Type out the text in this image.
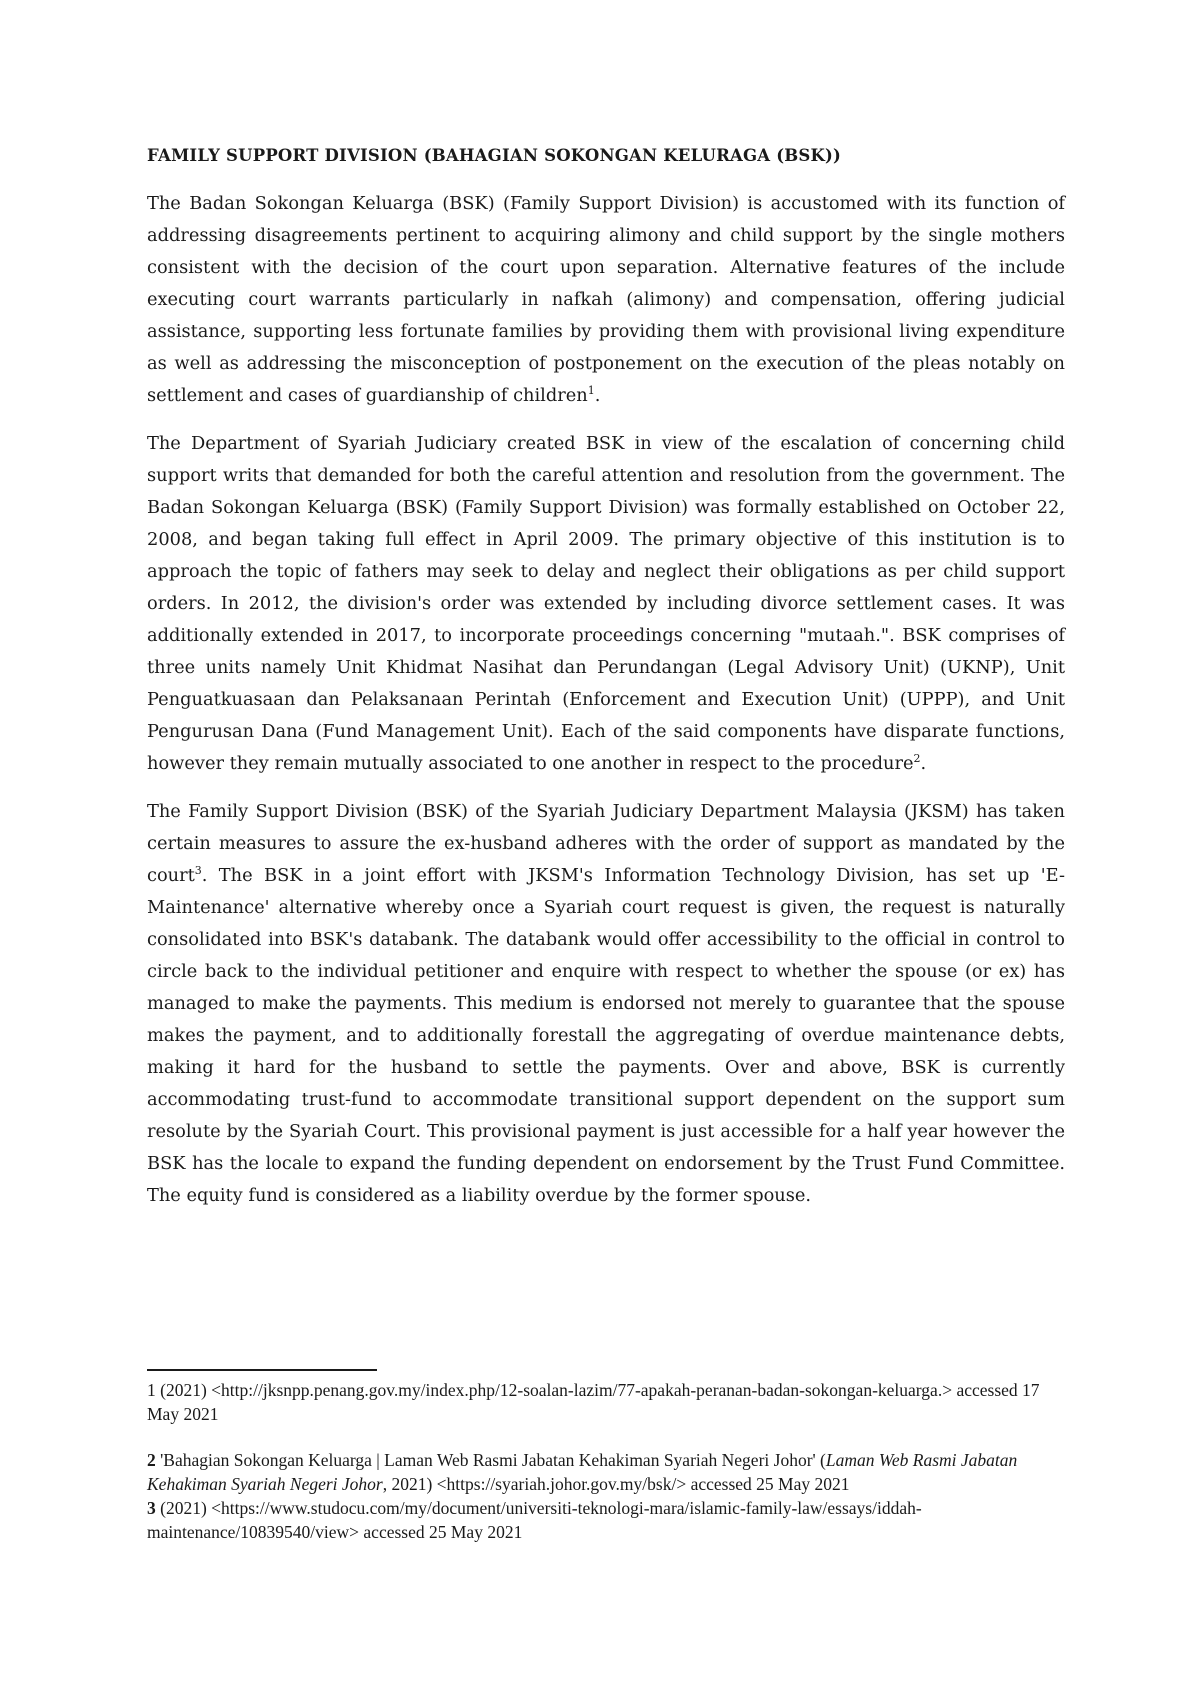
FAMILY SUPPORT DIVISION (BAHAGIAN SOKONGAN KELURAGA (BSK))

The Badan Sokongan Keluarga (BSK) (Family Support Division) is accustomed with its function of addressing disagreements pertinent to acquiring alimony and child support by the single mothers consistent with the decision of the court upon separation. Alternative features of the include executing court warrants particularly in nafkah (alimony) and compensation, offering judicial assistance, supporting less fortunate families by providing them with provisional living expenditure as well as addressing the misconception of postponement on the execution of the pleas notably on settlement and cases of guardianship of children$^1$.

The Department of Syariah Judiciary created BSK in view of the escalation of concerning child support writs that demanded for both the careful attention and resolution from the government. The Badan Sokongan Keluarga (BSK) (Family Support Division) was formally established on October 22, 2008, and began taking full effect in April 2009. The primary objective of this institution is to approach the topic of fathers may seek to delay and neglect their obligations as per child support orders. In 2012, the division's order was extended by including divorce settlement cases. It was additionally extended in 2017, to incorporate proceedings concerning "mutaah.". BSK comprises of three units namely Unit Khidmat Nasihat dan Perundangan (Legal Advisory Unit) (UKNP), Unit Penguatkuasaan dan Pelaksanaan Perintah (Enforcement and Execution Unit) (UPPP), and Unit Pengurusan Dana (Fund Management Unit). Each of the said components have disparate functions, however they remain mutually associated to one another in respect to the procedure$^2$.

The Family Support Division (BSK) of the Syariah Judiciary Department Malaysia (JKSM) has taken certain measures to assure the ex-husband adheres with the order of support as mandated by the court$^3$. The BSK in a joint effort with JKSM's Information Technology Division, has set up 'E-Maintenance' alternative whereby once a Syariah court request is given, the request is naturally consolidated into BSK's databank. The databank would offer accessibility to the official in control to circle back to the individual petitioner and enquire with respect to whether the spouse (or ex) has managed to make the payments. This medium is endorsed not merely to guarantee that the spouse makes the payment, and to additionally forestall the aggregating of overdue maintenance debts, making it hard for the husband to settle the payments. Over and above, BSK is currently accommodating trust-fund to accommodate transitional support dependent on the support sum resolute by the Syariah Court. This provisional payment is just accessible for a half year however the BSK has the locale to expand the funding dependent on endorsement by the Trust Fund Committee. The equity fund is considered as a liability overdue by the former spouse.

1 (2021) <http://jksnpp.penang.gov.my/index.php/12-soalan-lazim/77-apakah-peranan-badan-sokongan-keluarga.> accessed 17 May 2021

2 'Bahagian Sokongan Keluarga | Laman Web Rasmi Jabatan Kehakiman Syariah Negeri Johor' (Laman Web Rasmi Jabatan Kehakiman Syariah Negeri Johor, 2021) <https://syariah.johor.gov.my/bsk/> accessed 25 May 2021

3 (2021) <https://www.studocu.com/my/document/universiti-teknologi-mara/islamic-family-law/essays/iddah-maintenance/10839540/view> accessed 25 May 2021
